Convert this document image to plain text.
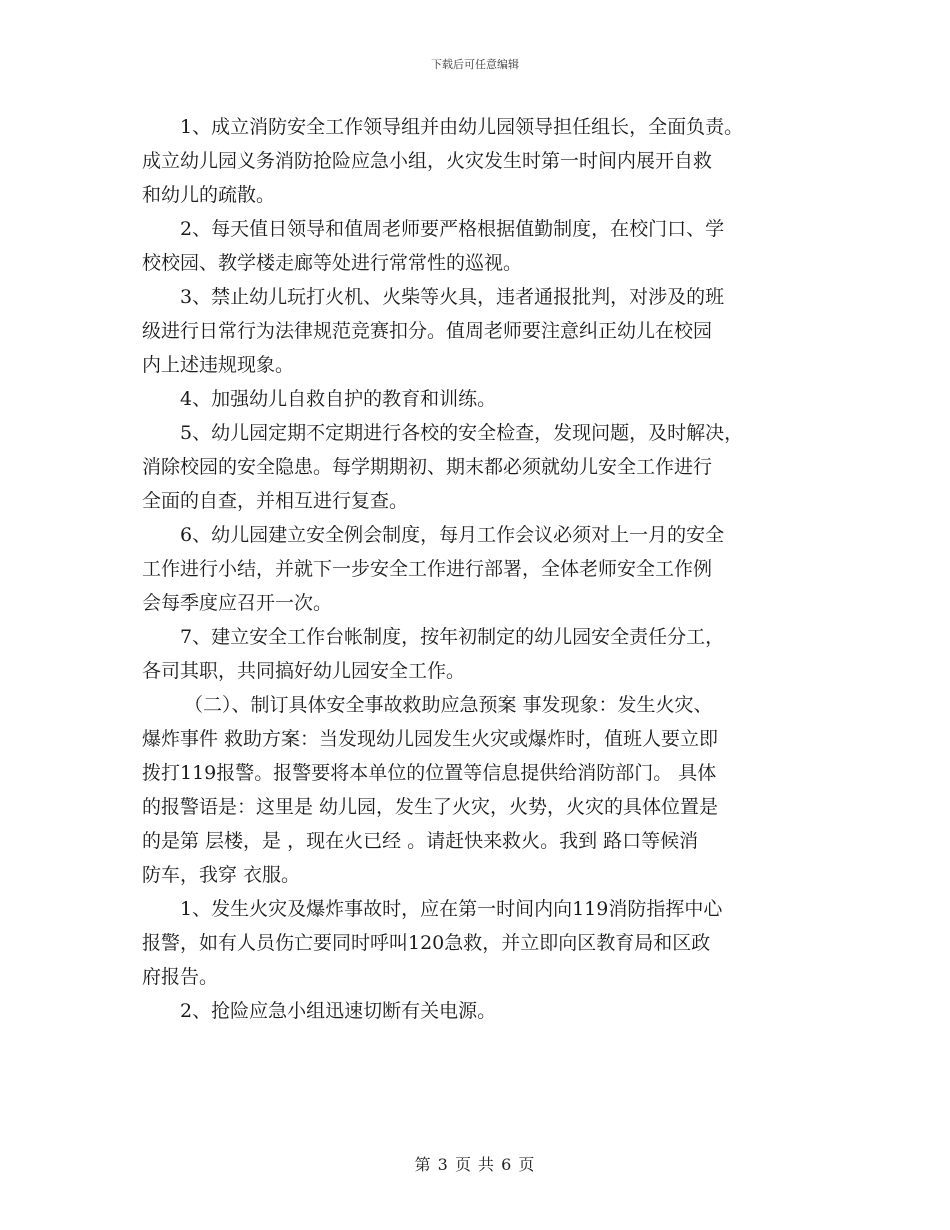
下载后可任意编辑
1、成立消防安全工作领导组并由幼儿园领导担任组长，全面负责。
成立幼儿园义务消防抢险应急小组，火灾发生时第一时间内展开自救
和幼儿的疏散。
2、每天值日领导和值周老师要严格根据值勤制度，在校门口、学
校校园、教学楼走廊等处进行常常性的巡视。
3、禁止幼儿玩打火机、火柴等火具，违者通报批判，对涉及的班
级进行日常行为法律规范竞赛扣分。值周老师要注意纠正幼儿在校园
内上述违规现象。
4、加强幼儿自救自护的教育和训练。
5、幼儿园定期不定期进行各校的安全检查，发现问题，及时解决，
消除校园的安全隐患。每学期期初、期末都必须就幼儿安全工作进行
全面的自查，并相互进行复查。
6、幼儿园建立安全例会制度，每月工作会议必须对上一月的安全
工作进行小结，并就下一步安全工作进行部署，全体老师安全工作例
会每季度应召开一次。
7、建立安全工作台帐制度，按年初制定的幼儿园安全责任分工，
各司其职，共同搞好幼儿园安全工作。
（二）、制订具体安全事故救助应急预案 事发现象：发生火灾、
爆炸事件 救助方案：当发现幼儿园发生火灾或爆炸时，值班人要立即
拨打119报警。报警要将本单位的位置等信息提供给消防部门。 具体
的报警语是：这里是 幼儿园，发生了火灾，火势，火灾的具体位置是
的是第 层楼，是 ，现在火已经 。请赶快来救火。我到 路口等候消
防车，我穿 衣服。
1、发生火灾及爆炸事故时，应在第一时间内向119消防指挥中心
报警，如有人员伤亡要同时呼叫120急救，并立即向区教育局和区政
府报告。
2、抢险应急小组迅速切断有关电源。
第 3 页 共 6 页
